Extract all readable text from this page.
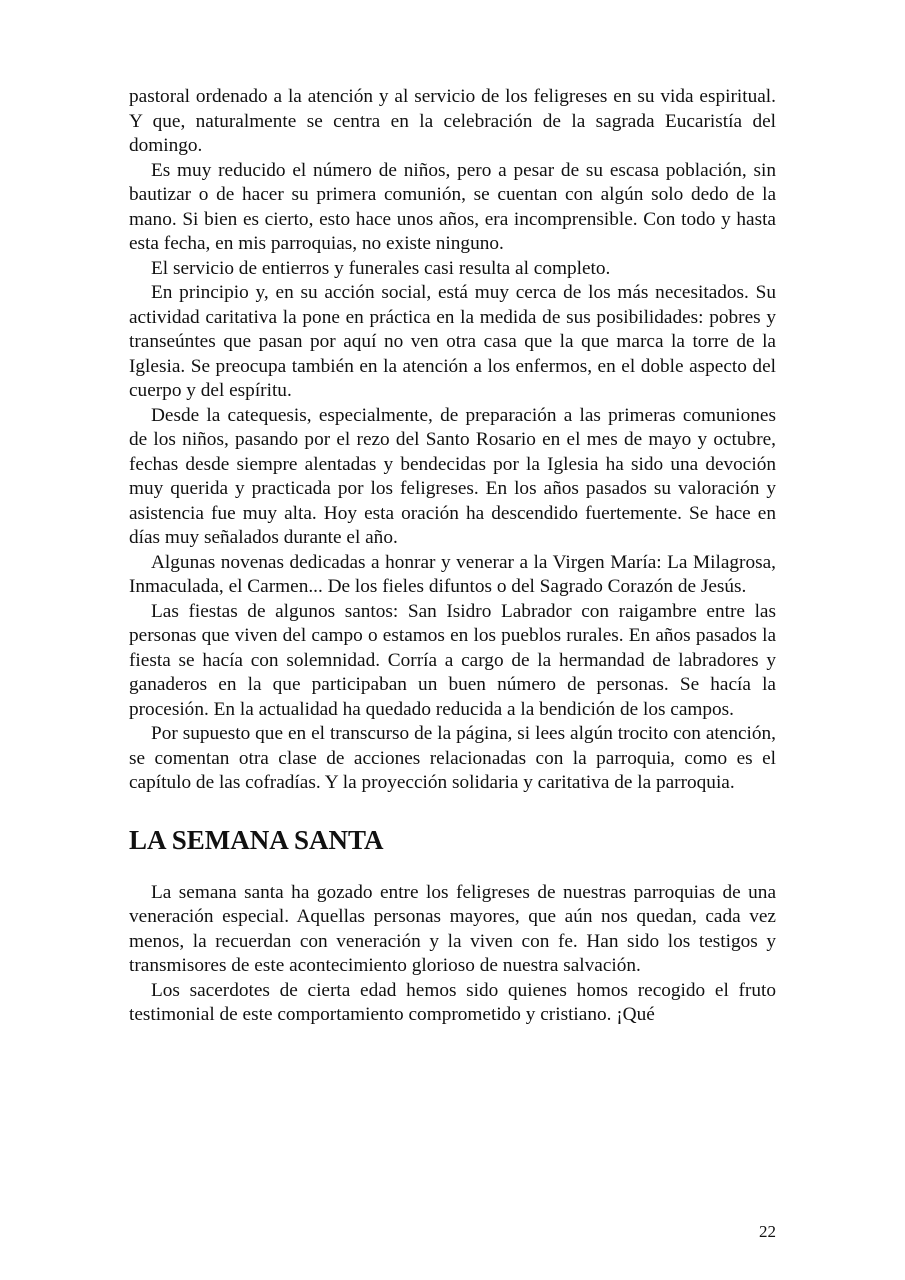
pastoral ordenado a la atención y al servicio de los feligreses en su vida espiritual. Y que, naturalmente se centra en la celebración de la sagrada Eucaristía del domingo.

Es muy reducido el número de niños, pero a pesar de su escasa población, sin bautizar o de hacer su primera comunión, se cuentan con algún solo dedo de la mano. Si bien es cierto, esto hace unos años, era incomprensible. Con todo y hasta esta fecha, en mis parroquias, no existe ninguno.

El servicio de entierros y funerales casi resulta al completo.

En principio y, en su acción social, está muy cerca de los más necesitados. Su actividad caritativa la pone en práctica en la medida de sus posibilidades: pobres y transeúntes que pasan por aquí no ven otra casa que la que marca la torre de la Iglesia. Se preocupa también en la atención a los enfermos, en el doble aspecto del cuerpo y del espíritu.

Desde la catequesis, especialmente, de preparación a las primeras comuniones de los niños, pasando por el rezo del Santo Rosario en el mes de mayo y octubre, fechas desde siempre alentadas y bendecidas por la Iglesia ha sido una devoción muy querida y practicada por los feligreses. En los años pasados su valoración y asistencia fue muy alta. Hoy esta oración ha descendido fuertemente. Se hace en días muy señalados durante el año.

Algunas novenas dedicadas a honrar y venerar a la Virgen María: La Milagrosa, Inmaculada, el Carmen... De los fieles difuntos o del Sagrado Corazón de Jesús.

Las fiestas de algunos santos: San Isidro Labrador con raigambre entre las personas que viven del campo o estamos en los pueblos rurales. En años pasados la fiesta se hacía con solemnidad. Corría a cargo de la hermandad de labradores y ganaderos en la que participaban un buen número de personas. Se hacía la procesión. En la actualidad ha quedado reducida a la bendición de los campos.

Por supuesto que en el transcurso de la página, si lees algún trocito con atención, se comentan otra clase de acciones relacionadas con la parroquia, como es el capítulo de las cofradías. Y la proyección solidaria y caritativa de la parroquia.

LA SEMANA SANTA

La semana santa ha gozado entre los feligreses de nuestras parroquias de una veneración especial. Aquellas personas mayores, que aún nos quedan, cada vez menos, la recuerdan con veneración y la viven con fe. Han sido los testigos y transmisores de este acontecimiento glorioso de nuestra salvación.

Los sacerdotes de cierta edad hemos sido quienes homos recogido el fruto testimonial de este comportamiento comprometido y cristiano. ¡Qué

22
